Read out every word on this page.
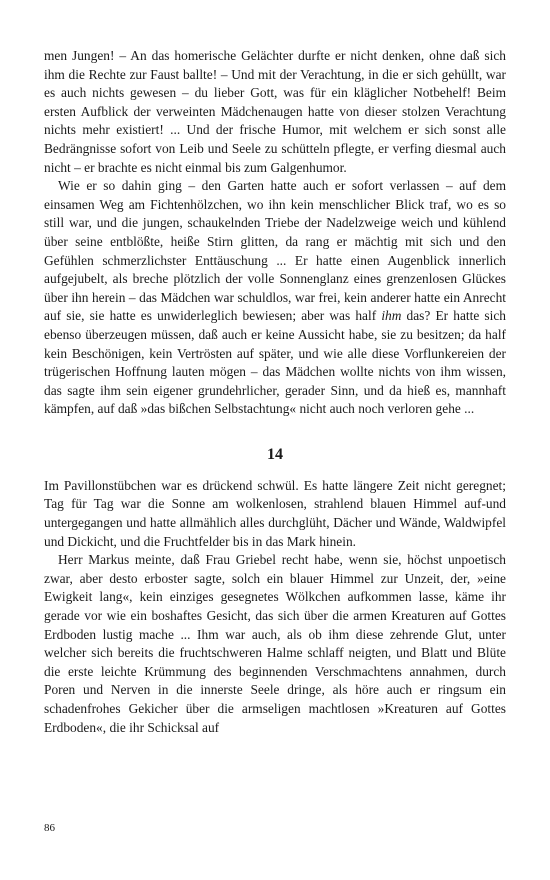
men Jungen! – An das homerische Gelächter durfte er nicht denken, ohne daß sich ihm die Rechte zur Faust ballte! – Und mit der Verachtung, in die er sich gehüllt, war es auch nichts gewesen – du lieber Gott, was für ein kläglicher Notbehelf! Beim ersten Aufblick der verweinten Mädchenaugen hatte von dieser stolzen Verachtung nichts mehr existiert! ... Und der frische Humor, mit welchem er sich sonst alle Bedrängnisse sofort von Leib und Seele zu schütteln pflegte, er verfing diesmal auch nicht – er brachte es nicht einmal bis zum Galgenhumor.

Wie er so dahin ging – den Garten hatte auch er sofort verlassen – auf dem einsamen Weg am Fichtenhölzchen, wo ihn kein menschlicher Blick traf, wo es so still war, und die jungen, schaukelnden Triebe der Nadelzweige weich und kühlend über seine entblößte, heiße Stirn glitten, da rang er mächtig mit sich und den Gefühlen schmerzlichster Enttäuschung ... Er hatte einen Augenblick innerlich aufgejubelt, als breche plötzlich der volle Sonnenglanz eines grenzenlosen Glückes über ihn herein – das Mädchen war schuldlos, war frei, kein anderer hatte ein Anrecht auf sie, sie hatte es unwiderleglich bewiesen; aber was half ihm das? Er hatte sich ebenso überzeugen müssen, daß auch er keine Aussicht habe, sie zu besitzen; da half kein Beschönigen, kein Vertrösten auf später, und wie alle diese Vorflunkereien der trügerischen Hoffnung lauten mögen – das Mädchen wollte nichts von ihm wissen, das sagte ihm sein eigener grundehrlicher, gerader Sinn, und da hieß es, mannhaft kämpfen, auf daß »das bißchen Selbstachtung« nicht auch noch verloren gehe ...

14

Im Pavillonstübchen war es drückend schwül. Es hatte längere Zeit nicht geregnet; Tag für Tag war die Sonne am wolkenlosen, strahlend blauen Himmel auf-und untergegangen und hatte allmählich alles durchglüht, Dächer und Wände, Waldwipfel und Dickicht, und die Fruchtfelder bis in das Mark hinein.

Herr Markus meinte, daß Frau Griebel recht habe, wenn sie, höchst unpoetisch zwar, aber desto erboster sagte, solch ein blauer Himmel zur Unzeit, der, »eine Ewigkeit lang«, kein einziges gesegnetes Wölkchen aufkommen lasse, käme ihr gerade vor wie ein boshaftes Gesicht, das sich über die armen Kreaturen auf Gottes Erdboden lustig mache ... Ihm war auch, als ob ihm diese zehrende Glut, unter welcher sich bereits die fruchtschweren Halme schlaff neigten, und Blatt und Blüte die erste leichte Krümmung des beginnenden Verschmachtens annahmen, durch Poren und Nerven in die innerste Seele dringe, als höre auch er ringsum ein schadenfrohes Gekicher über die armseligen machtlosen »Kreaturen auf Gottes Erdboden«, die ihr Schicksal auf

86
